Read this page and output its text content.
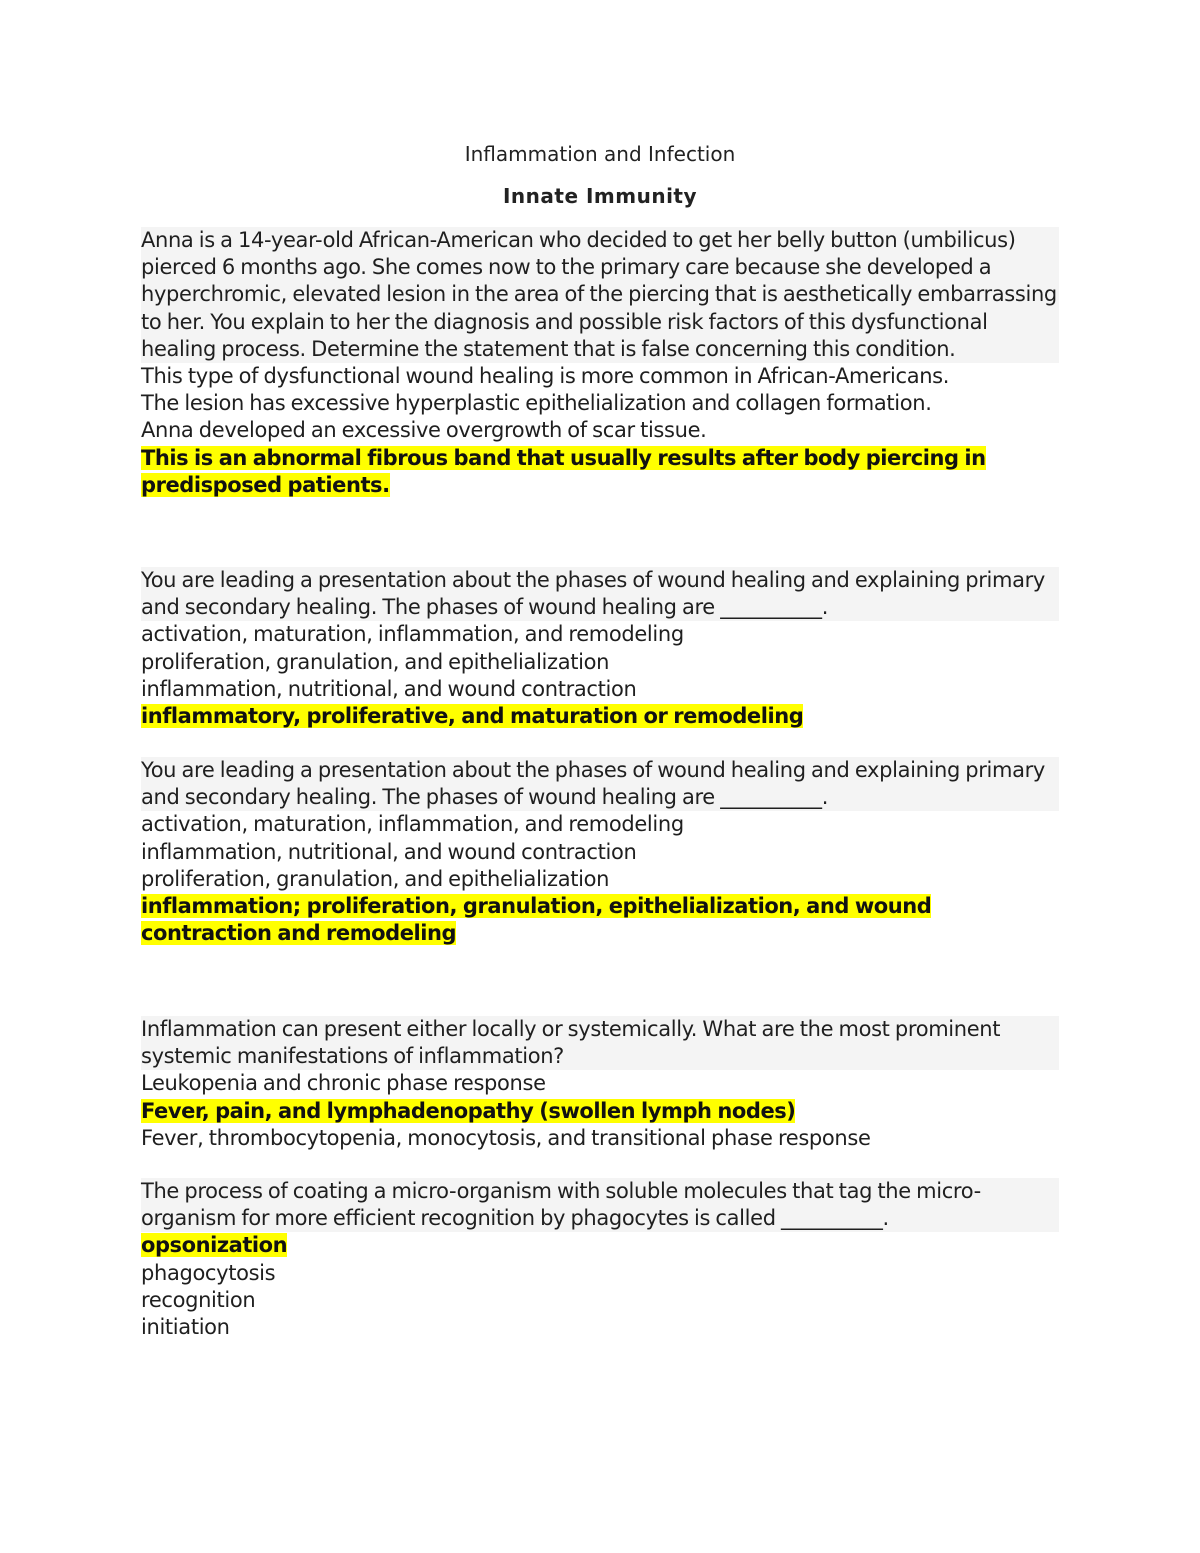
Inflammation and Infection
Innate Immunity
Anna is a 14-year-old African-American who decided to get her belly button (umbilicus) pierced 6 months ago. She comes now to the primary care because she developed a hyperchromic, elevated lesion in the area of the piercing that is aesthetically embarrassing to her. You explain to her the diagnosis and possible risk factors of this dysfunctional healing process. Determine the statement that is false concerning this condition.
This type of dysfunctional wound healing is more common in African-Americans.
The lesion has excessive hyperplastic epithelialization and collagen formation.
Anna developed an excessive overgrowth of scar tissue.
This is an abnormal fibrous band that usually results after body piercing in predisposed patients.
You are leading a presentation about the phases of wound healing and explaining primary and secondary healing. The phases of wound healing are __________.
activation, maturation, inflammation, and remodeling
proliferation, granulation, and epithelialization
inflammation, nutritional, and wound contraction
inflammatory, proliferative, and maturation or remodeling
You are leading a presentation about the phases of wound healing and explaining primary and secondary healing. The phases of wound healing are __________.
activation, maturation, inflammation, and remodeling
inflammation, nutritional, and wound contraction
proliferation, granulation, and epithelialization
inflammation; proliferation, granulation, epithelialization, and wound contraction and remodeling
Inflammation can present either locally or systemically. What are the most prominent systemic manifestations of inflammation?
Leukopenia and chronic phase response
Fever, pain, and lymphadenopathy (swollen lymph nodes)
Fever, thrombocytopenia, monocytosis, and transitional phase response
The process of coating a micro-organism with soluble molecules that tag the micro-organism for more efficient recognition by phagocytes is called __________.
opsonization
phagocytosis
recognition
initiation
